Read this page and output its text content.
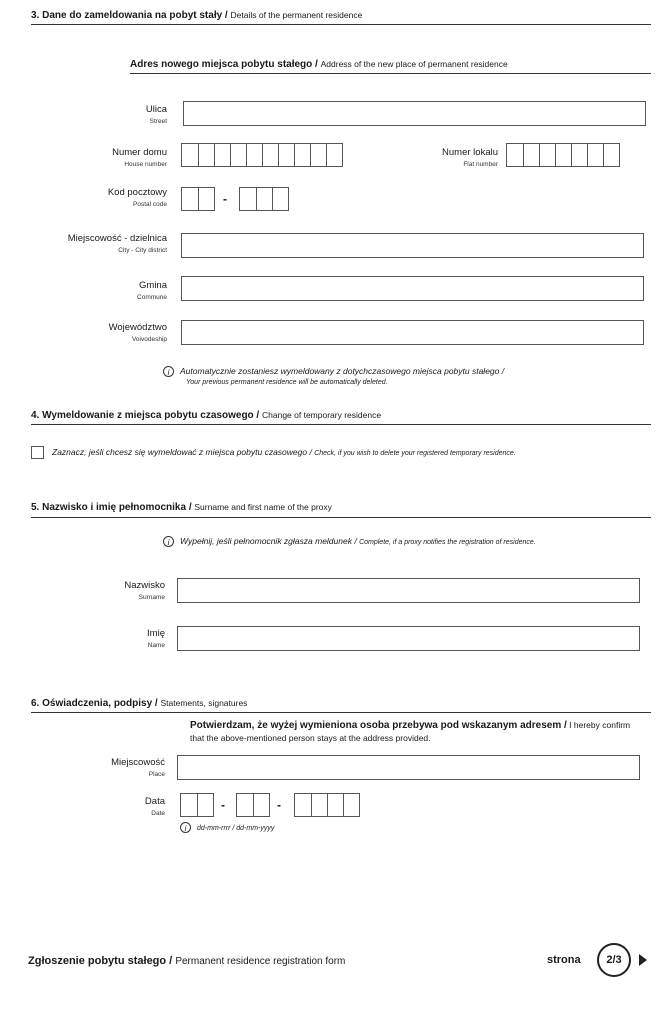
3. Dane do zameldowania na pobyt stały / Details of the permanent residence
Adres nowego miejsca pobytu stałego / Address of the new place of permanent residence
Ulica
Street
Numer domu
House number
Numer lokalu
Flat number
Kod pocztowy
Postal code	-
Miejscowość - dzielnica
City - City district
Gmina
Commune
Województwo
Voivodeship
i Automatycznie zostaniesz wymeldowany z dotychczasowego miejsca pobytu stałego /
Your previous permanent residence will be automatically deleted.
4. Wymeldowanie z miejsca pobytu czasowego / Change of temporary residence
Zaznacz, jeśli chcesz się wymeldować z miejsca pobytu czasowego / Check, if you wish to delete your registered temporary residence.
5. Nazwisko i imię pełnomocnika / Surname and first name of the proxy
i Wypełnij, jeśli pełnomocnik zgłasza meldunek / Complete, if a proxy notifies the registration of residence.
Nazwisko
Surname
Imię
Name
6. Oświadczenia, podpisy / Statements, signatures
Potwierdzam, że wyżej wymieniona osoba przebywa pod wskazanym adresem / I hereby confirm that the above-mentioned person stays at the address provided.
Miejscowość
Place
Data
Date
-	-
i dd-mm-rrrr / dd-mm-yyyy
Zgłoszenie pobytu stałego / Permanent residence registration form	strona	2/3
